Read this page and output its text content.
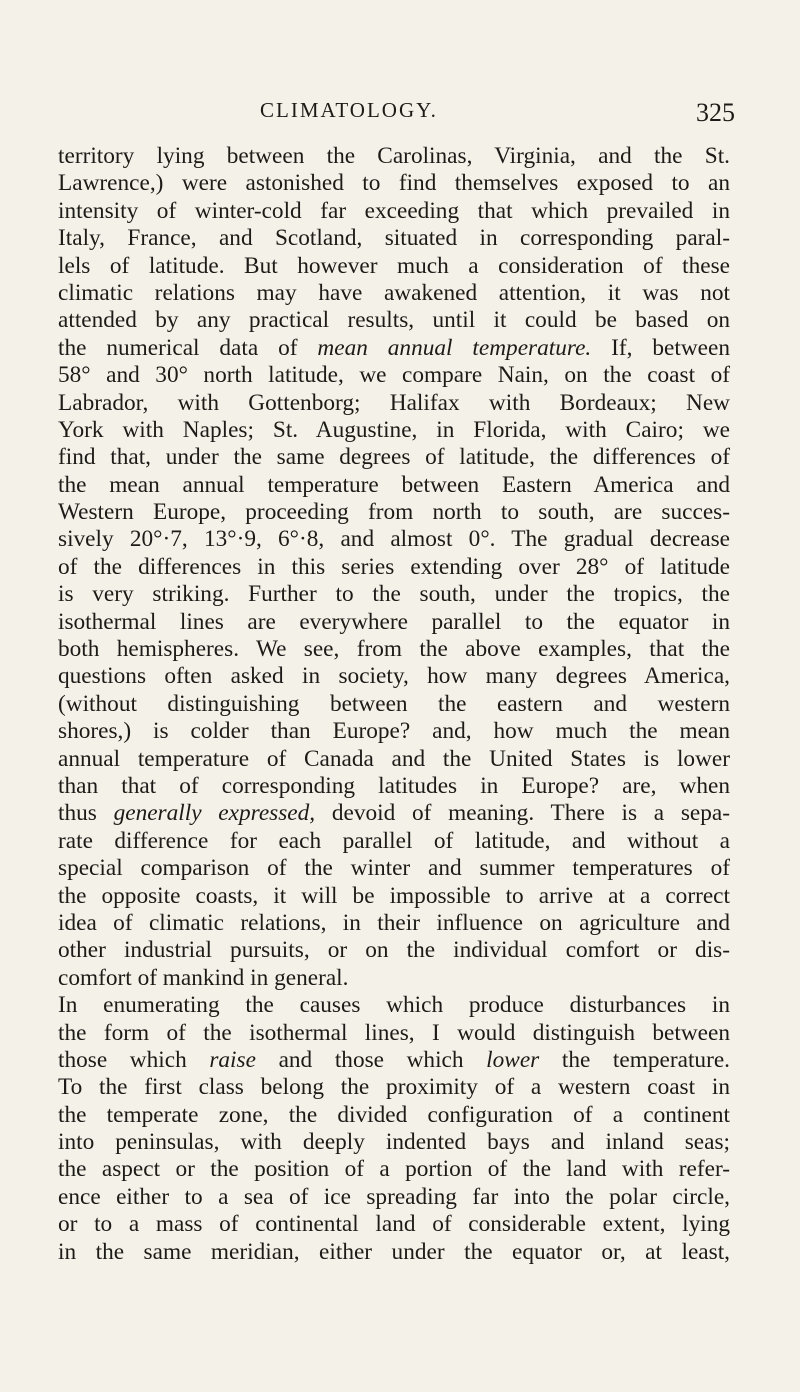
CLIMATOLOGY.	325
territory lying between the Carolinas, Virginia, and the St.
Lawrence,) were astonished to find themselves exposed to an
intensity of winter-cold far exceeding that which prevailed in
Italy, France, and Scotland, situated in corresponding paral-
lels of latitude. But however much a consideration of these
climatic relations may have awakened attention, it was not
attended by any practical results, until it could be based on
the numerical data of mean annual temperature. If, between
58° and 30° north latitude, we compare Nain, on the coast of
Labrador, with Gottenborg; Halifax with Bordeaux; New
York with Naples; St. Augustine, in Florida, with Cairo; we
find that, under the same degrees of latitude, the differences of
the mean annual temperature between Eastern America and
Western Europe, proceeding from north to south, are succes-
sively 20°·7, 13°·9, 6°·8, and almost 0°. The gradual decrease
of the differences in this series extending over 28° of latitude
is very striking. Further to the south, under the tropics, the
isothermal lines are everywhere parallel to the equator in
both hemispheres. We see, from the above examples, that the
questions often asked in society, how many degrees America,
(without distinguishing between the eastern and western
shores,) is colder than Europe? and, how much the mean
annual temperature of Canada and the United States is lower
than that of corresponding latitudes in Europe? are, when
thus generally expressed, devoid of meaning. There is a sepa-
rate difference for each parallel of latitude, and without a
special comparison of the winter and summer temperatures of
the opposite coasts, it will be impossible to arrive at a correct
idea of climatic relations, in their influence on agriculture and
other industrial pursuits, or on the individual comfort or dis-
comfort of mankind in general.
In enumerating the causes which produce disturbances in
the form of the isothermal lines, I would distinguish between
those which raise and those which lower the temperature.
To the first class belong the proximity of a western coast in
the temperate zone, the divided configuration of a continent
into peninsulas, with deeply indented bays and inland seas;
the aspect or the position of a portion of the land with refer-
ence either to a sea of ice spreading far into the polar circle,
or to a mass of continental land of considerable extent, lying
in the same meridian, either under the equator or, at least,
